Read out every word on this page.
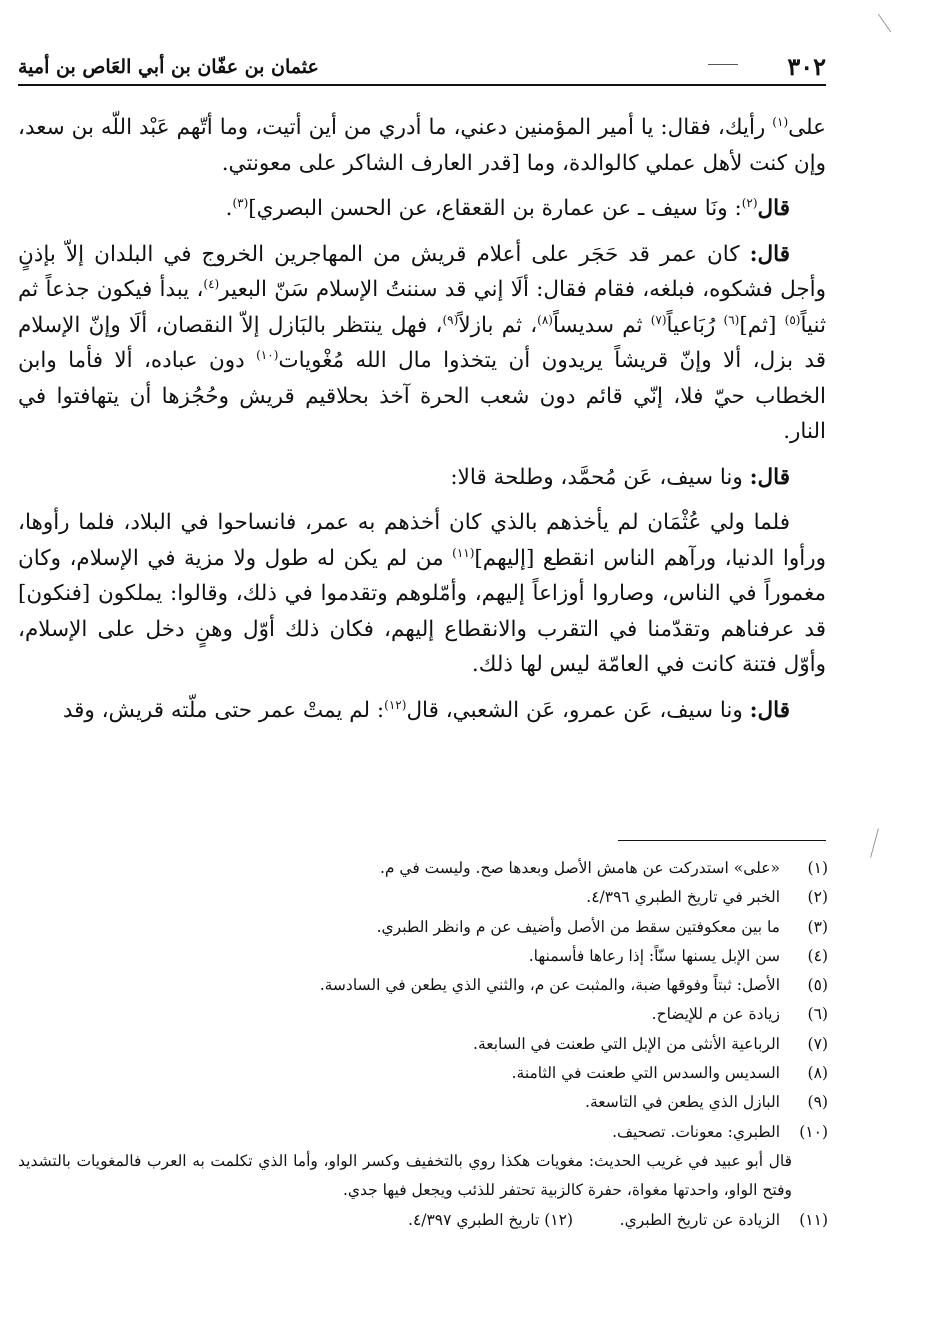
٣٠٢
عثمان بن عفّان بن أبي العَاص بن أمية

على$^{(١)}$ رأيك، فقال: يا أمير المؤمنين دعني، ما أدري من أين أتيت، وما أتّهم عَبْد اللّه بن سعد، وإن كنت لأهل عملي كالوالدة، وما [قدر العارف الشاكر على معونتي.

قال$^{(٢)}$: ونَا سيف ـ عن عمارة بن القعقاع، عن الحسن البصري]$^{(٣)}$.

قال: كان عمر قد حَجَر على أعلام قريش من المهاجرين الخروج في البلدان إلاّ بإذنٍ وأجل فشكوه، فبلغه، فقام فقال: ألَا إني قد سننتُ الإسلام سَنّ البعير$^{(٤)}$، يبدأ فيكون جذعاً ثم ثنياً$^{(٥)}$ [ثم]$^{(٦)}$ رُبَاعياً$^{(٧)}$ ثم سديساً$^{(٨)}$، ثم بازلاً$^{(٩)}$، فهل ينتظر بالبَازل إلاّ النقصان، ألَا وإنّ الإسلام قد بزل، ألا وإنّ قريشاً يريدون أن يتخذوا مال الله مُغْويات$^{(١٠)}$ دون عباده، ألا فأما وابن الخطاب حيّ فلا، إنّي قائم دون شعب الحرة آخذ بحلاقيم قريش وحُجُزها أن يتهافتوا في النار.

قال: ونا سيف، عَن مُحمَّد، وطلحة قالا:

فلما ولي عُثْمَان لم يأخذهم بالذي كان أخذهم به عمر، فانساحوا في البلاد، فلما رأوها، ورأوا الدنيا، ورآهم الناس انقطع [إليهم]$^{(١١)}$ من لم يكن له طول ولا مزية في الإسلام، وكان مغموراً في الناس، وصاروا أوزاعاً إليهم، وأمّلوهم وتقدموا في ذلك، وقالوا: يملكون [فنكون] قد عرفناهم وتقدّمنا في التقرب والانقطاع إليهم، فكان ذلك أوّل وهنٍ دخل على الإسلام، وأوّل فتنة كانت في العامّة ليس لها ذلك.

قال: ونا سيف، عَن عمرو، عَن الشعبي، قال$^{(١٢)}$: لم يمتْ عمر حتى ملّته قريش، وقد

(١)
«على» استدركت عن هامش الأصل وبعدها صح. وليست في م.
(٢)
الخبر في تاريخ الطبري ٤/٣٩٦.
(٣)
ما بين معكوفتين سقط من الأصل وأضيف عن م وانظر الطبري.
(٤)
سن الإبل يسنها سنّاً: إذا رعاها فأسمنها.
(٥)
الأصل: ثبتاً وفوقها ضبة، والمثبت عن م، والثني الذي يطعن في السادسة.
(٦)
زيادة عن م للإيضاح.
(٧)
الرباعية الأنثى من الإبل التي طعنت في السابعة.
(٨)
السديس والسدس التي طعنت في الثامنة.
(٩)
البازل الذي يطعن في التاسعة.
(١٠)
الطبري: معونات. تصحيف.
قال أبو عبيد في غريب الحديث: مغويات هكذا روي بالتخفيف وكسر الواو، وأما الذي تكلمت به العرب فالمغويات بالتشديد وفتح الواو، واحدتها مغواة، حفرة كالزبية تحتفر للذئب ويجعل فيها جدي.
(١١)
الزيادة عن تاريخ الطبري.
(١٢) تاريخ الطبري ٤/٣٩٧.
